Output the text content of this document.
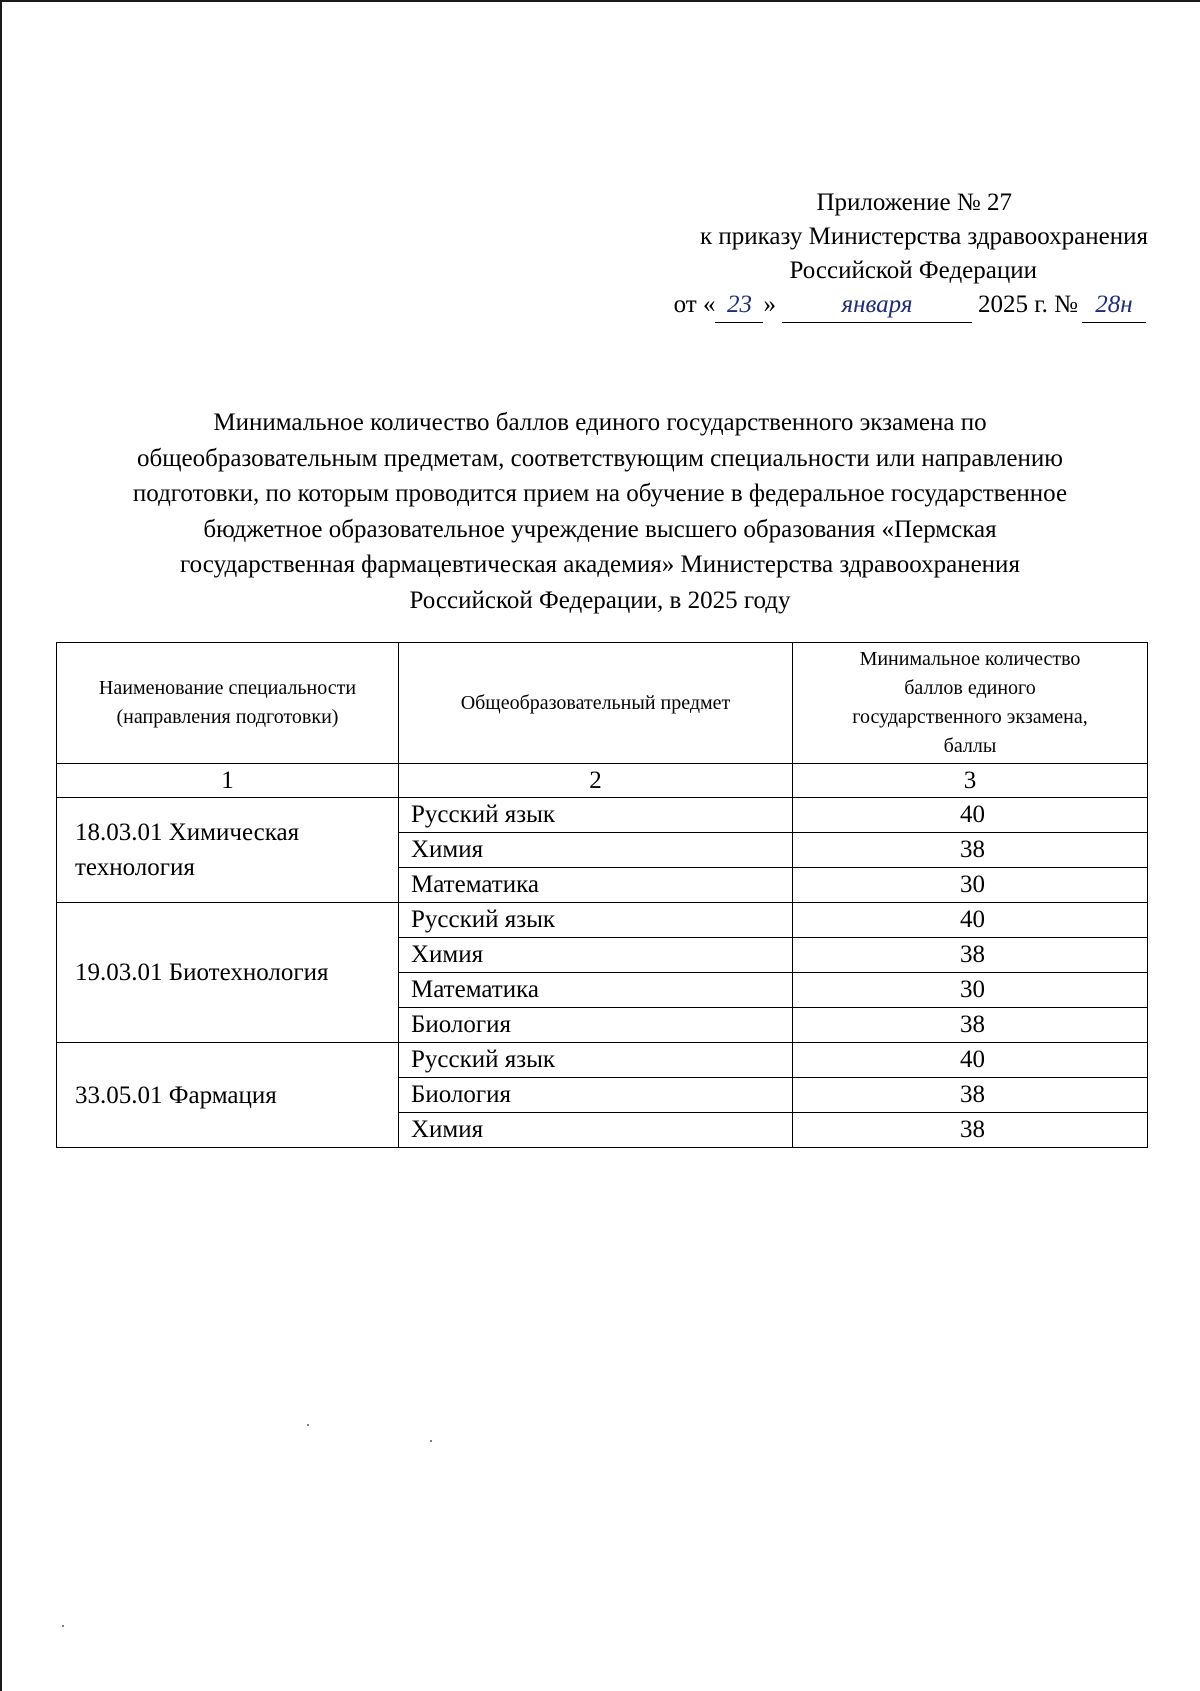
Приложение № 27
к приказу Министерства здравоохранения
Российской Федерации
от « 23 »	января	2025 г. № 28н
Минимальное количество баллов единого государственного экзамена по
общеобразовательным предметам, соответствующим специальности или направлению
подготовки, по которым проводится прием на обучение в федеральное государственное
бюджетное образовательное учреждение высшего образования «Пермская
государственная фармацевтическая академия» Министерства здравоохранения
Российской Федерации, в 2025 году
Наименование специальности
(направления подготовки)	Общеобразовательный предмет	Минимальное количество
баллов единого
государственного экзамена,
баллы
1	2	3
18.03.01 Химическая
технология	Русский язык	40
	Химия	38
	Математика	30
19.03.01 Биотехнология	Русский язык	40
	Химия	38
	Математика	30
	Биология	38
33.05.01 Фармация	Русский язык	40
	Биология	38
	Химия	38
